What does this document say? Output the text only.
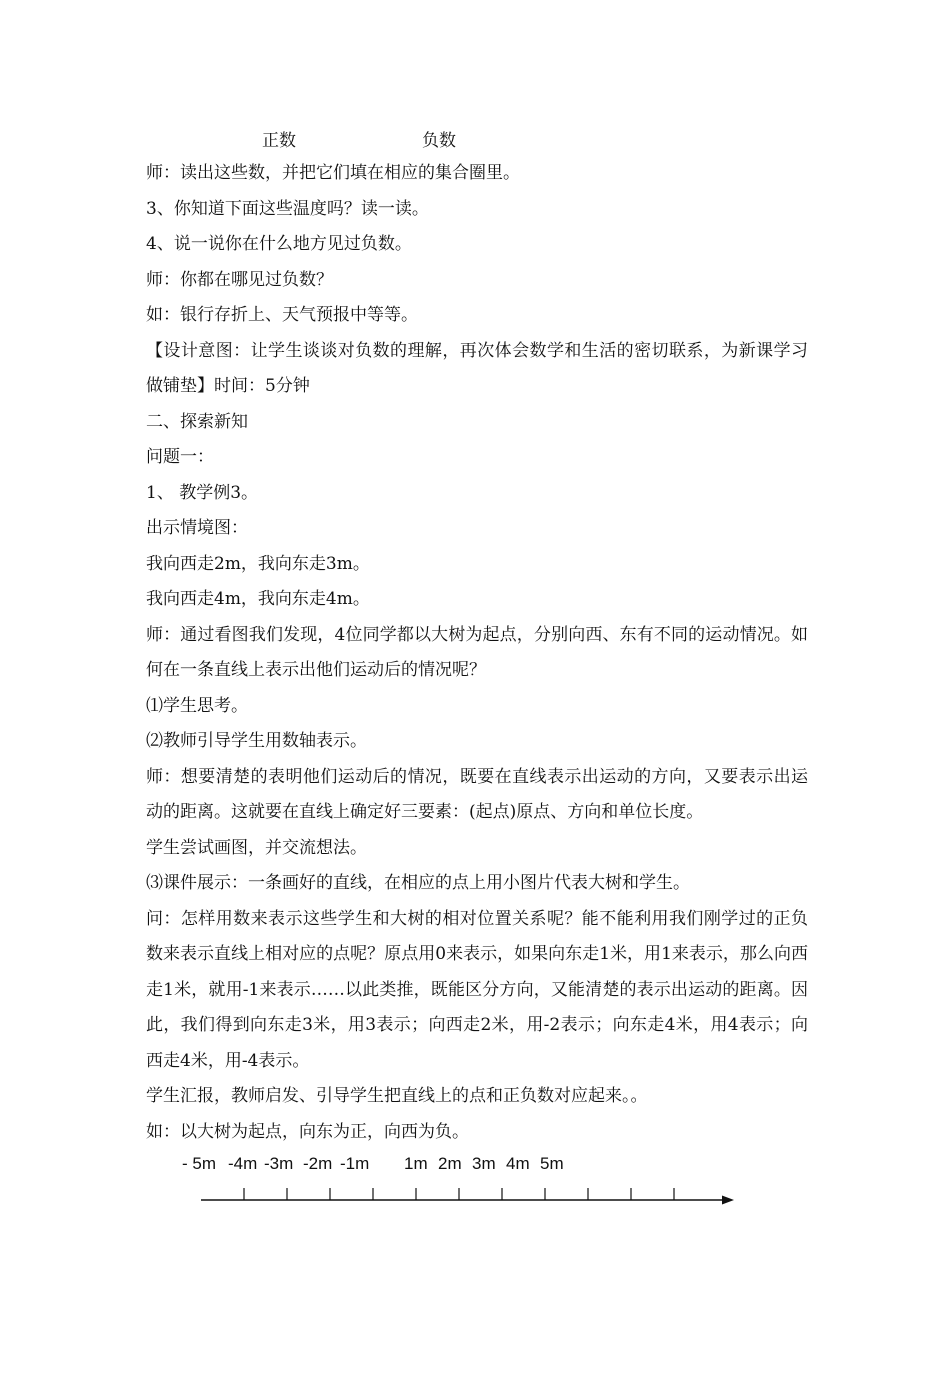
正数	负数

师：读出这些数，并把它们填在相应的集合圈里。

3、你知道下面这些温度吗？读一读。

4、说一说你在什么地方见过负数。

师：你都在哪见过负数？

如：银行存折上、天气预报中等等。

【设计意图：让学生谈谈对负数的理解，再次体会数学和生活的密切联系，为新课学习做铺垫】时间：5分钟

二、探索新知

问题一：

1、 教学例3。

出示情境图：

我向西走2m，我向东走3m。

我向西走4m，我向东走4m。

师：通过看图我们发现，4位同学都以大树为起点，分别向西、东有不同的运动情况。如何在一条直线上表示出他们运动后的情况呢？

⑴学生思考。

⑵教师引导学生用数轴表示。

师：想要清楚的表明他们运动后的情况，既要在直线表示出运动的方向，又要表示出运动的距离。这就要在直线上确定好三要素：(起点)原点、方向和单位长度。

学生尝试画图，并交流想法。

⑶课件展示：一条画好的直线，在相应的点上用小图片代表大树和学生。

问：怎样用数来表示这些学生和大树的相对位置关系呢？能不能利用我们刚学过的正负数来表示直线上相对应的点呢？原点用0来表示，如果向东走1米，用1来表示，那么向西走1米，就用-1来表示……以此类推，既能区分方向，又能清楚的表示出运动的距离。因此，我们得到向东走3米，用3表示；向西走2米，用-2表示；向东走4米，用4表示；向西走4米，用-4表示。

学生汇报，教师启发、引导学生把直线上的点和正负数对应起来。。

如：以大树为起点，向东为正，向西为负。

- 5m

-4m

-3m

-2m

-1m

1m

2m

3m

4m

5m
